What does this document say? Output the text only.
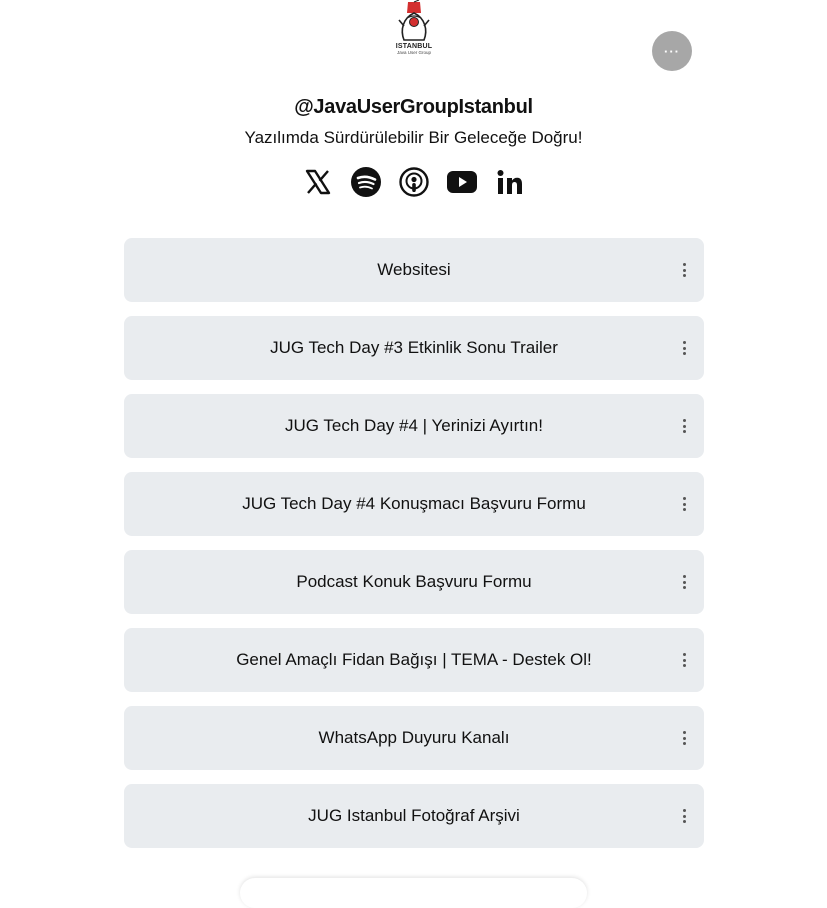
ISTANBUL
Java User Group	···
@JavaUserGroupIstanbul
Yazılımda Sürdürülebilir Bir Geleceğe Doğru!
Websitesi
JUG Tech Day #3 Etkinlik Sonu Trailer
JUG Tech Day #4 | Yerinizi Ayırtın!
JUG Tech Day #4 Konuşmacı Başvuru Formu
Podcast Konuk Başvuru Formu
Genel Amaçlı Fidan Bağışı | TEMA - Destek Ol!
WhatsApp Duyuru Kanalı
JUG Istanbul Fotoğraf Arşivi
